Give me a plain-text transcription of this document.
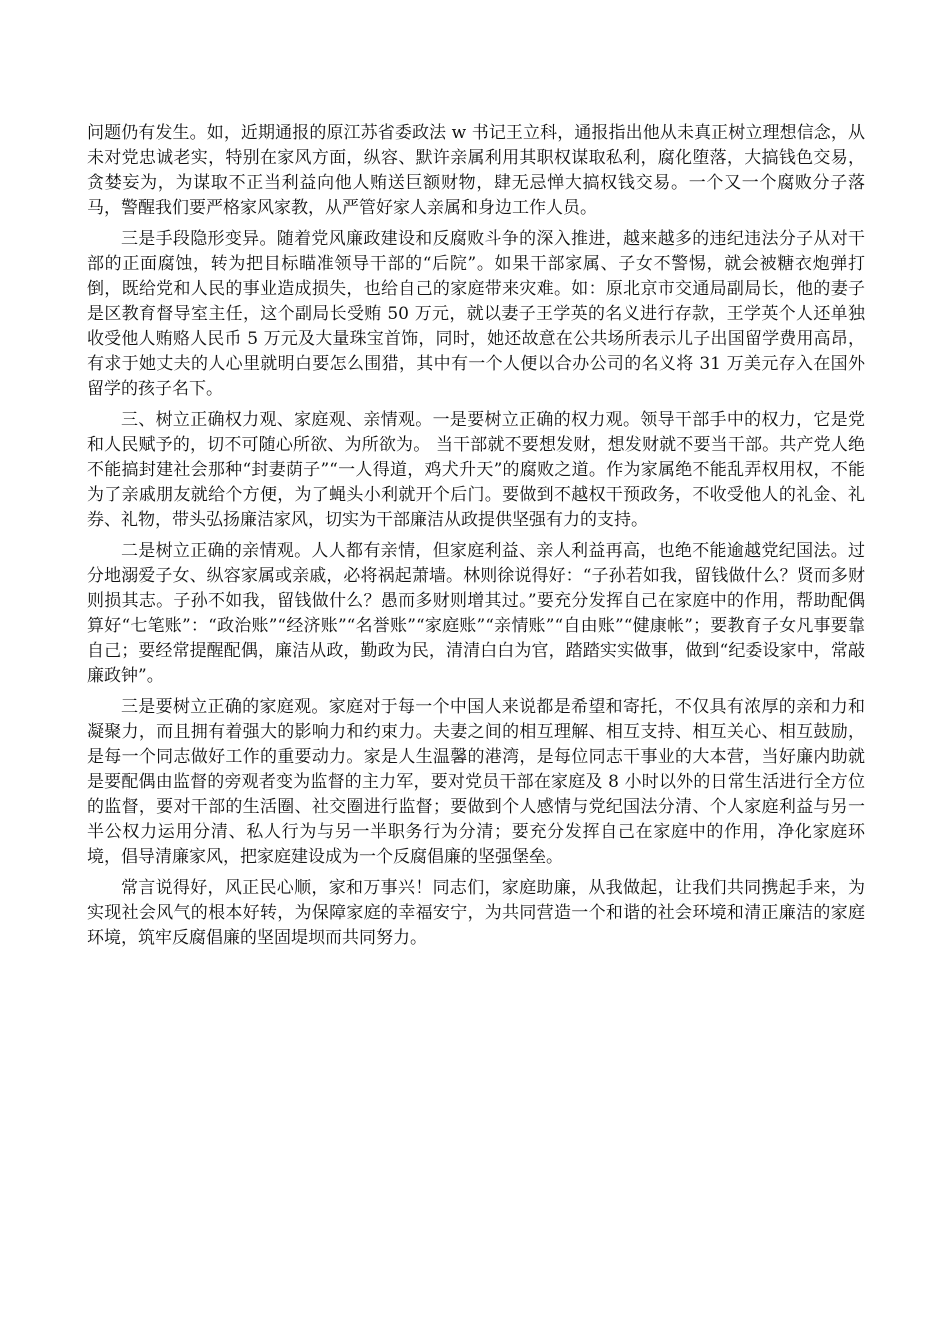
问题仍有发生。如，近期通报的原江苏省委政法 w 书记王立科，通报指出他从未真正树立理想信念，从未对党忠诚老实，特别在家风方面，纵容、默许亲属利用其职权谋取私利，腐化堕落，大搞钱色交易，贪婪妄为，为谋取不正当利益向他人贿送巨额财物，肆无忌惮大搞权钱交易。一个又一个腐败分子落马，警醒我们要严格家风家教，从严管好家人亲属和身边工作人员。

三是手段隐形变异。随着党风廉政建设和反腐败斗争的深入推进，越来越多的违纪违法分子从对干部的正面腐蚀，转为把目标瞄准领导干部的“后院”。如果干部家属、子女不警惕，就会被糖衣炮弹打倒，既给党和人民的事业造成损失，也给自己的家庭带来灾难。如：原北京市交通局副局长，他的妻子是区教育督导室主任，这个副局长受贿 50 万元，就以妻子王学英的名义进行存款，王学英个人还单独收受他人贿赂人民币 5 万元及大量珠宝首饰，同时，她还故意在公共场所表示儿子出国留学费用高昂，有求于她丈夫的人心里就明白要怎么围猎，其中有一个人便以合办公司的名义将 31 万美元存入在国外留学的孩子名下。

三、树立正确权力观、家庭观、亲情观。一是要树立正确的权力观。领导干部手中的权力，它是党和人民赋予的，切不可随心所欲、为所欲为。 当干部就不要想发财，想发财就不要当干部。共产党人绝不能搞封建社会那种“封妻荫子”“一人得道，鸡犬升天”的腐败之道。作为家属绝不能乱弄权用权，不能为了亲戚朋友就给个方便，为了蝇头小利就开个后门。要做到不越权干预政务，不收受他人的礼金、礼券、礼物，带头弘扬廉洁家风，切实为干部廉洁从政提供坚强有力的支持。

二是树立正确的亲情观。人人都有亲情，但家庭利益、亲人利益再高，也绝不能逾越党纪国法。过分地溺爱子女、纵容家属或亲戚，必将祸起萧墙。林则徐说得好：“子孙若如我，留钱做什么？贤而多财则损其志。子孙不如我，留钱做什么？愚而多财则增其过。”要充分发挥自己在家庭中的作用，帮助配偶算好“七笔账”：“政治账”“经济账”“名誉账”“家庭账”“亲情账”“自由账”“健康帐”；要教育子女凡事要靠自己；要经常提醒配偶，廉洁从政，勤政为民，清清白白为官，踏踏实实做事，做到“纪委设家中，常敲廉政钟”。

三是要树立正确的家庭观。家庭对于每一个中国人来说都是希望和寄托，不仅具有浓厚的亲和力和凝聚力，而且拥有着强大的影响力和约束力。夫妻之间的相互理解、相互支持、相互关心、相互鼓励，是每一个同志做好工作的重要动力。家是人生温馨的港湾，是每位同志干事业的大本营，当好廉内助就是要配偶由监督的旁观者变为监督的主力军，要对党员干部在家庭及 8 小时以外的日常生活进行全方位的监督，要对干部的生活圈、社交圈进行监督；要做到个人感情与党纪国法分清、个人家庭利益与另一半公权力运用分清、私人行为与另一半职务行为分清；要充分发挥自己在家庭中的作用，净化家庭环境，倡导清廉家风，把家庭建设成为一个反腐倡廉的坚强堡垒。

常言说得好，风正民心顺，家和万事兴！同志们，家庭助廉，从我做起，让我们共同携起手来，为实现社会风气的根本好转，为保障家庭的幸福安宁，为共同营造一个和谐的社会环境和清正廉洁的家庭环境，筑牢反腐倡廉的坚固堤坝而共同努力。
